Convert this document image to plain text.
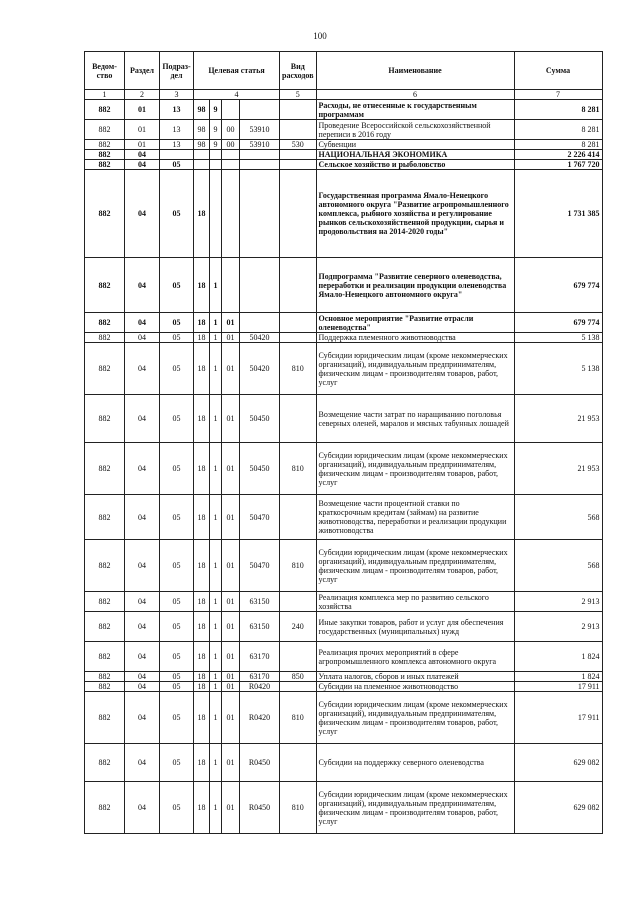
100
Ведом-ство	Раздел	Подраз-дел	Целевая статья				Вид расходов	Наименование	Сумма
1	2	3	4				5	6	7
882	01	13	98	9				Расходы, не отнесенные к государственным программам	8 281
882	01	13	98	9	00	53910		Проведение Всероссийской сельскохозяйственной переписи в 2016 году	8 281
882	01	13	98	9	00	53910	530	Субвенции	8 281
882	04							НАЦИОНАЛЬНАЯ ЭКОНОМИКА	2 226 414
882	04	05						Сельское хозяйство и рыболовство	1 767 720
882	04	05	18					Государственная программа Ямало-Ненецкого автономного округа "Развитие агропромышленного комплекса, рыбного хозяйства и регулирование рынков сельскохозяйственной продукции, сырья и продовольствия на 2014-2020 годы"	1 731 385
882	04	05	18	1				Подпрограмма "Развитие северного оленеводства, переработки и реализации продукции оленеводства Ямало-Ненецкого автономного округа"	679 774
882	04	05	18	1	01			Основное мероприятие "Развитие отрасли оленеводства"	679 774
882	04	05	18	1	01	50420		Поддержка племенного животноводства	5 138
882	04	05	18	1	01	50420	810	Субсидии юридическим лицам (кроме некоммерческих организаций), индивидуальным предпринимателям, физическим лицам - производителям товаров, работ, услуг	5 138
882	04	05	18	1	01	50450		Возмещение части затрат по наращиванию поголовья северных оленей, маралов и мясных табунных лошадей	21 953
882	04	05	18	1	01	50450	810	Субсидии юридическим лицам (кроме некоммерческих организаций), индивидуальным предпринимателям, физическим лицам - производителям товаров, работ, услуг	21 953
882	04	05	18	1	01	50470		Возмещение части процентной ставки по краткосрочным кредитам (займам) на развитие животноводства, переработки и реализации продукции животноводства	568
882	04	05	18	1	01	50470	810	Субсидии юридическим лицам (кроме некоммерческих организаций), индивидуальным предпринимателям, физическим лицам - производителям товаров, работ, услуг	568
882	04	05	18	1	01	63150		Реализация комплекса мер по развитию сельского хозяйства	2 913
882	04	05	18	1	01	63150	240	Иные закупки товаров, работ и услуг для обеспечения государственных (муниципальных) нужд	2 913
882	04	05	18	1	01	63170		Реализация прочих мероприятий в сфере агропромышленного комплекса автономного округа	1 824
882	04	05	18	1	01	63170	850	Уплата налогов, сборов и иных платежей	1 824
882	04	05	18	1	01	R0420		Субсидии на племенное животноводство	17 911
882	04	05	18	1	01	R0420	810	Субсидии юридическим лицам (кроме некоммерческих организаций), индивидуальным предпринимателям, физическим лицам - производителям товаров, работ, услуг	17 911
882	04	05	18	1	01	R0450		Субсидии на поддержку северного оленеводства	629 082
882	04	05	18	1	01	R0450	810	Субсидии юридическим лицам (кроме некоммерческих организаций), индивидуальным предпринимателям, физическим лицам - производителям товаров, работ, услуг	629 082
